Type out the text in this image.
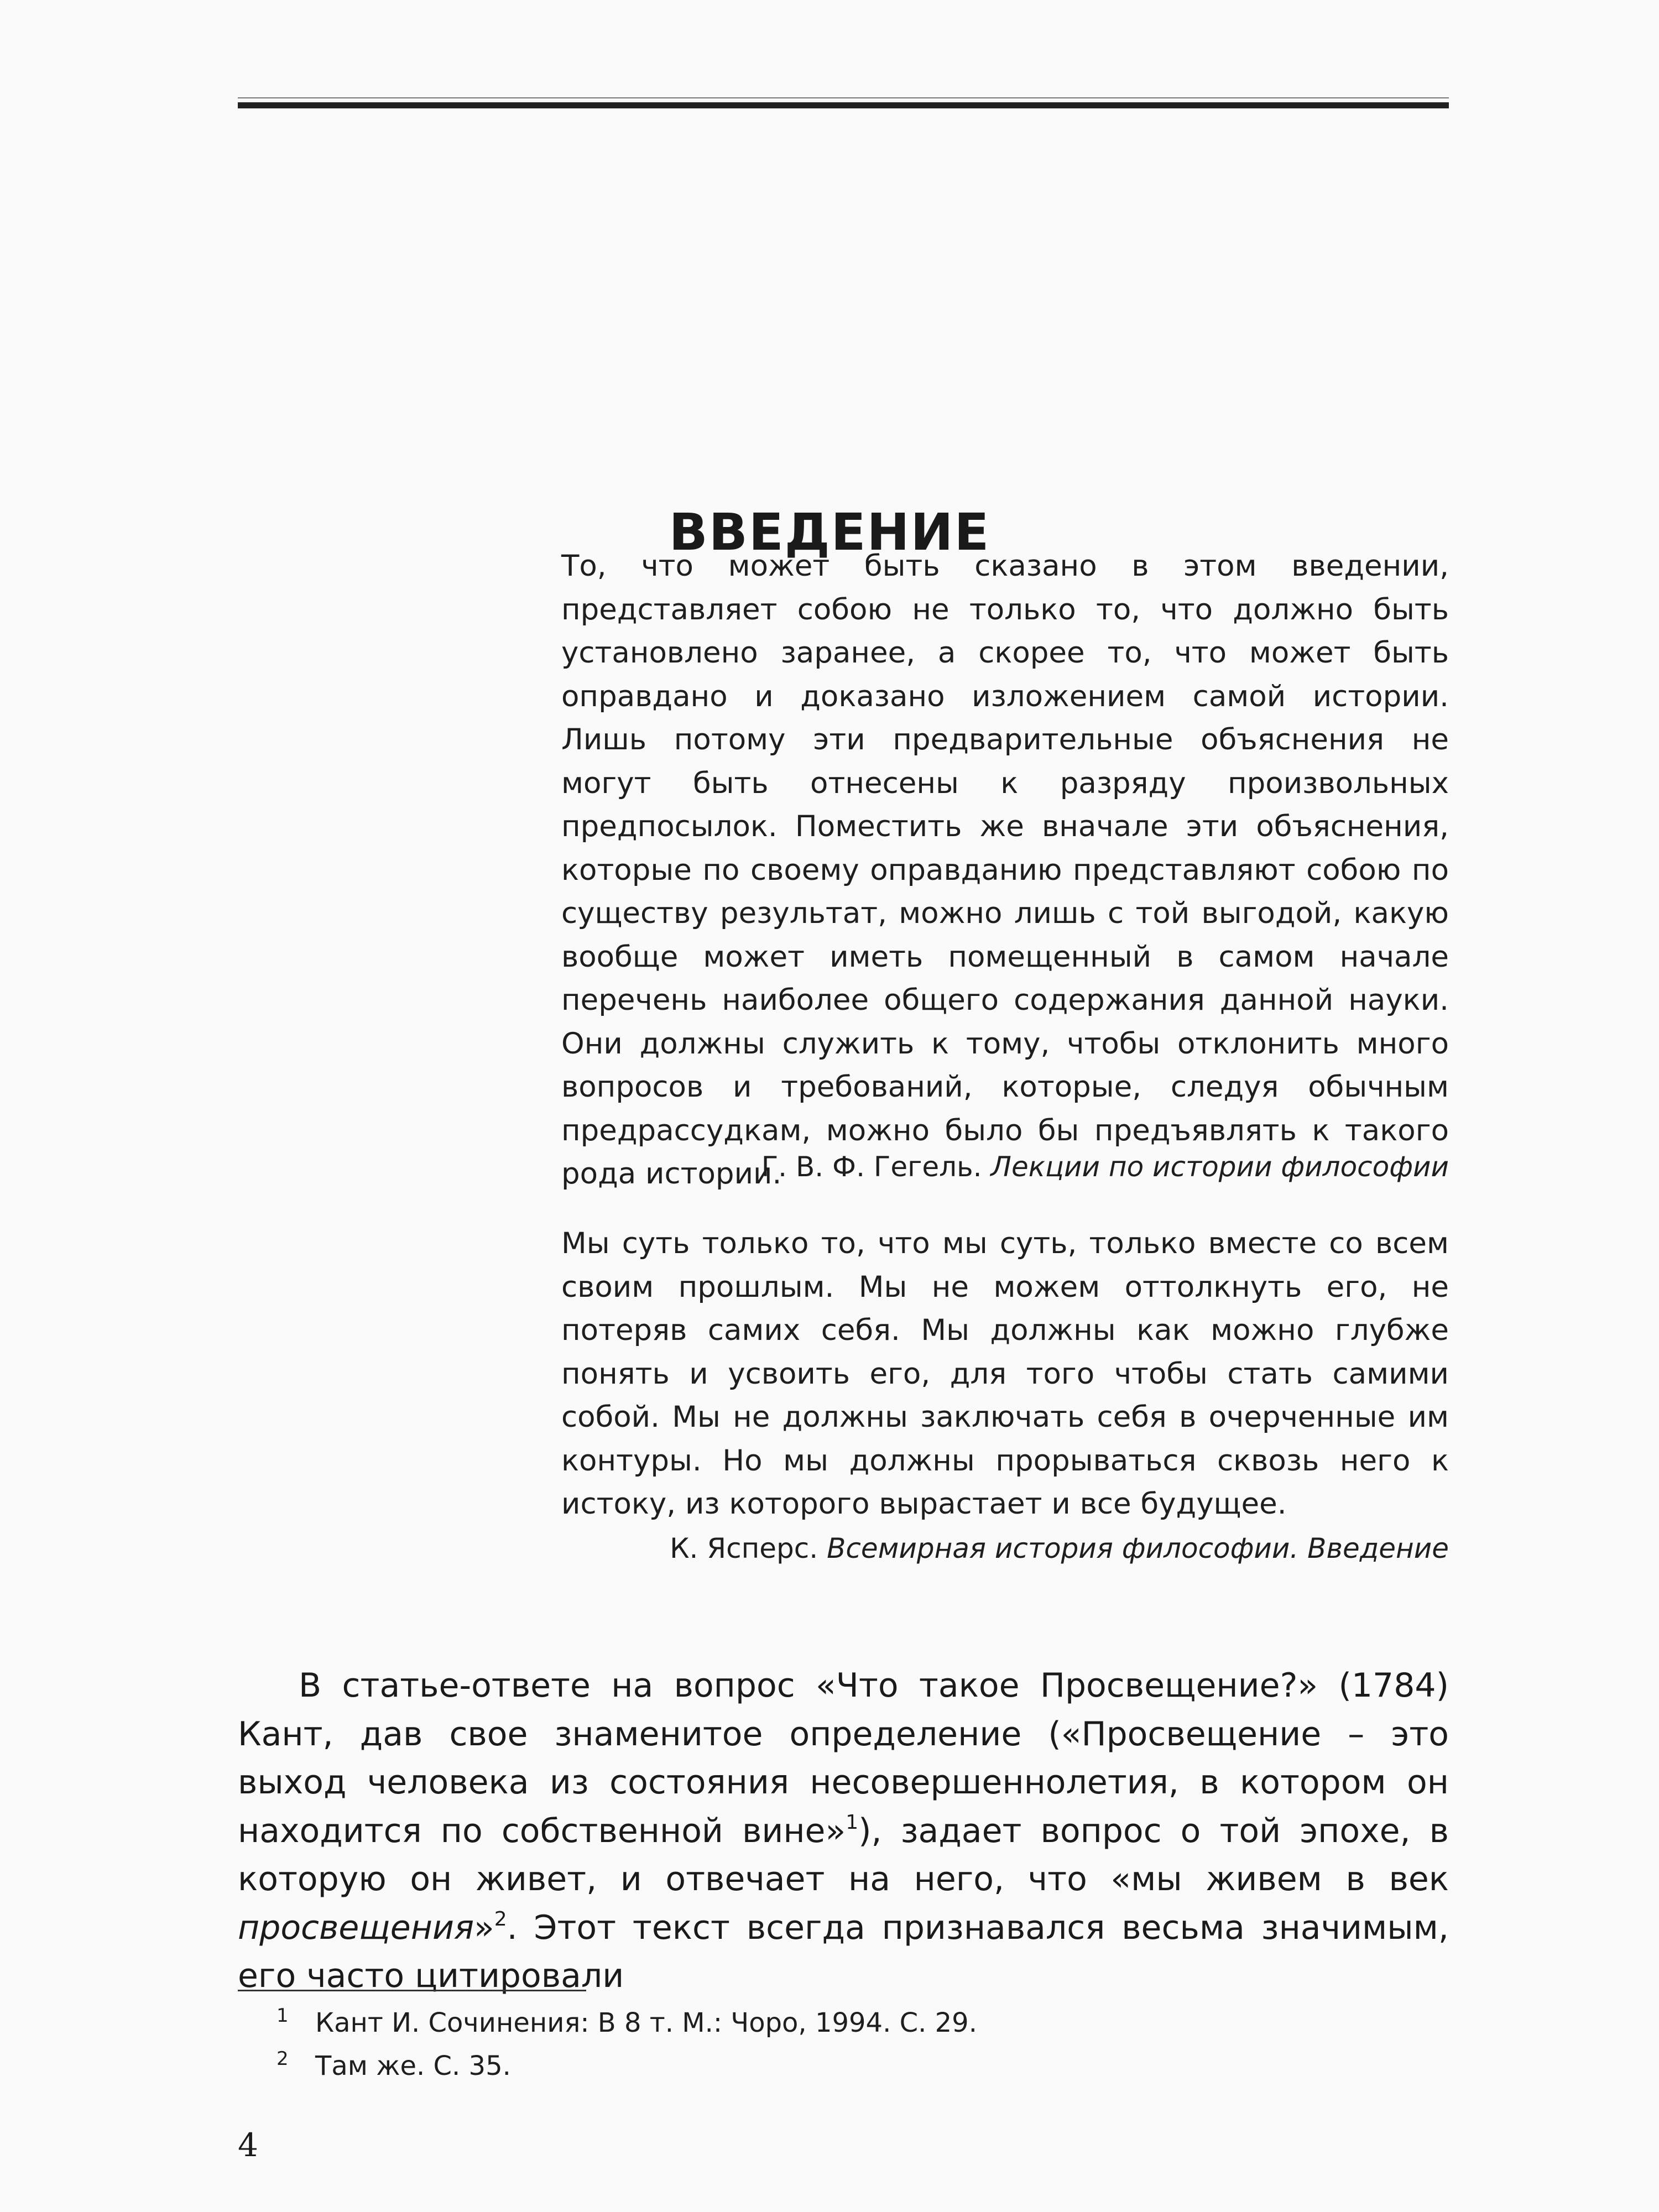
ВВЕДЕНИЕ

То, что может быть сказано в этом введении, представляет собою не только то, что должно быть установлено заранее, а скорее то, что может быть оправдано и доказано изложением самой истории. Лишь потому эти предварительные объяснения не могут быть отнесены к разряду произвольных предпосылок. Поместить же вначале эти объяснения, которые по своему оправданию представляют собою по существу результат, можно лишь с той выгодой, какую вообще может иметь помещенный в самом начале перечень наиболее общего содержания данной науки. Они должны служить к тому, чтобы отклонить много вопросов и требований, которые, следуя обычным предрассудкам, можно было бы предъявлять к такого рода истории.

Г. В. Ф. Гегель. Лекции по истории философии

Мы суть только то, что мы суть, только вместе со всем своим прошлым. Мы не можем оттолкнуть его, не потеряв самих себя. Мы должны как можно глубже понять и усвоить его, для того чтобы стать самими собой. Мы не должны заключать себя в очерченные им контуры. Но мы должны прорываться сквозь него к истоку, из которого вырастает и все будущее.

К. Ясперс. Всемирная история философии. Введение

В статье-ответе на вопрос «Что такое Просвещение?» (1784) Кант, дав свое знаменитое определение («Просвещение – это выход человека из состояния несовершеннолетия, в котором он находится по собственной вине»$^1$), задает вопрос о той эпохе, в которую он живет, и отвечает на него, что «мы живем в век просвещения»$^2$. Этот текст всегда признавался весьма значимым, его часто цитировали

1 Кант И. Сочинения: В 8 т. М.: Чоро, 1994. С. 29.
2 Там же. С. 35.
4
